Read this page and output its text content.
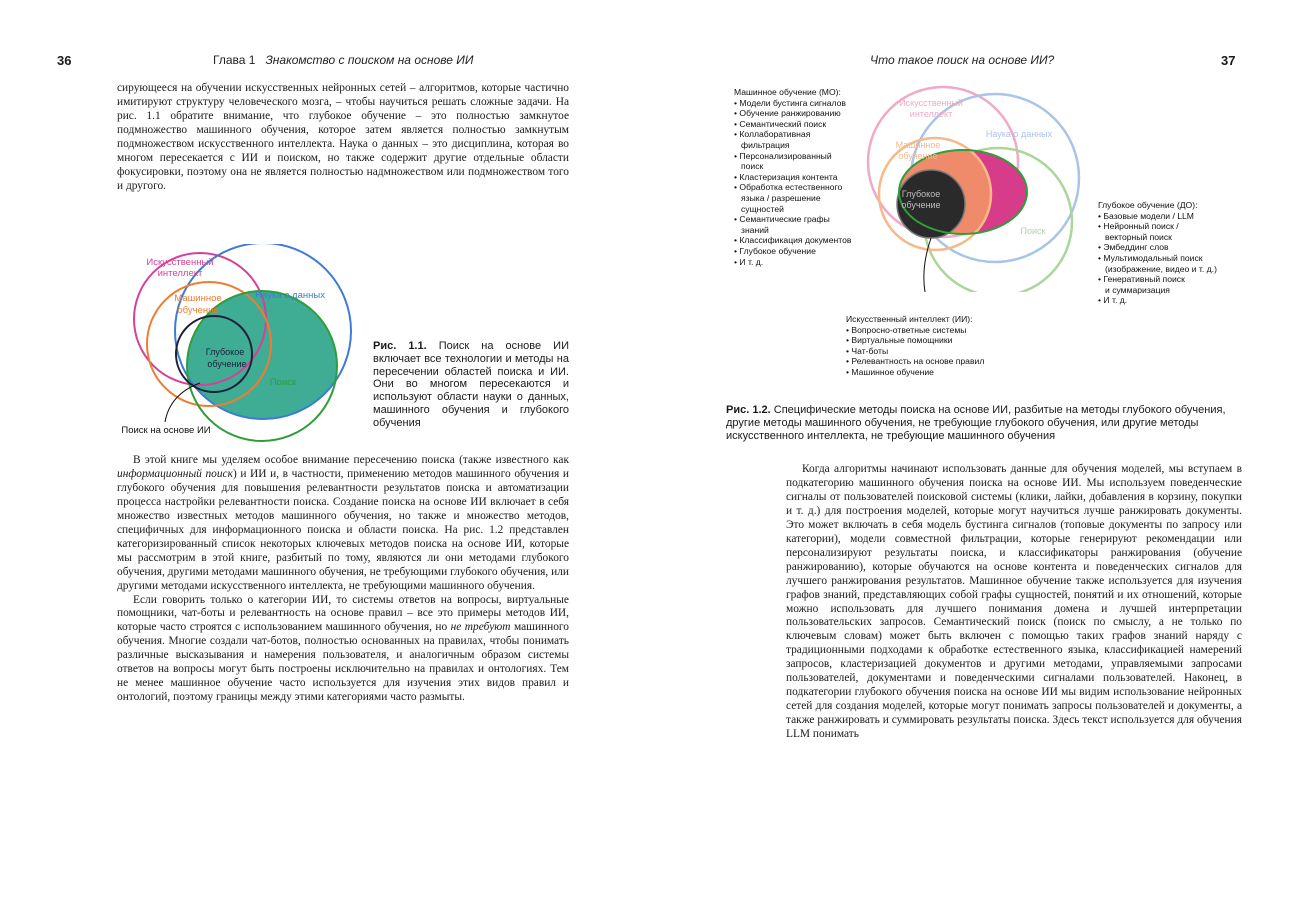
36	Глава 1 Знакомство с поиском на основе ИИ

сирующееся на обучении искусственных нейронных сетей – алгоритмов, которые частично имитируют структуру человеческого мозга, – чтобы научиться решать сложные задачи. На рис. 1.1 обратите внимание, что глубокое обучение – это полностью замкнутое подмножество машинного обучения, которое затем является полностью замкнутым подмножеством искусственного интеллекта. Наука о данных – это дисциплина, которая во многом пересекается с ИИ и поиском, но также содержит другие отдельные области фокусировки, поэтому она не является полностью надмножеством или подмножеством того и другого.

Искусственный
интеллект
Машинное
обучение
Наука о данных
Глубокое
обучение
Поиск
Поиск на основе ИИ
Рис. 1.1. Поиск на основе ИИ включает все технологии и методы на пересечении областей поиска и ИИ. Они во многом пересекаются и используют области науки о данных, машинного обучения и глубокого обучения

В этой книге мы уделяем особое внимание пересечению поиска (также известного как информационный поиск) и ИИ и, в частности, применению методов машинного обучения и глубокого обучения для повышения релевантности результатов поиска и автоматизации процесса настройки релевантности поиска. Создание поиска на основе ИИ включает в себя множество известных методов машинного обучения, но также и множество методов, специфичных для информационного поиска и области поиска. На рис. 1.2 представлен категоризированный список некоторых ключевых методов поиска на основе ИИ, которые мы рассмотрим в этой книге, разбитый по тому, являются ли они методами глубокого обучения, другими методами машинного обучения, не требующими глубокого обучения, или другими методами искусственного интеллекта, не требующими машинного обучения.

Если говорить только о категории ИИ, то системы ответов на вопросы, виртуальные помощники, чат-боты и релевантность на основе правил – все это примеры методов ИИ, которые часто строятся с использованием машинного обучения, но не требуют машинного обучения. Многие создали чат-ботов, полностью основанных на правилах, чтобы понимать различные высказывания и намерения пользователя, и аналогичным образом системы ответов на вопросы могут быть построены исключительно на правилах и онтологиях. Тем не менее машинное обучение часто используется для изучения этих видов правил и онтологий, поэтому границы между этими категориями часто размыты.

Что такое поиск на основе ИИ?	37
Искусственный
интеллект
Наука о данных
Машинное
обучение
Глубокое
обучение
Поиск
Машинное обучение (МО):
• Модели бустинга сигналов
• Обучение ранжированию
• Семантический поиск
• Коллаборативная
фильтрация
• Персонализированный
поиск
• Кластеризация контента
• Обработка естественного
языка / разрешение
сущностей
• Семантические графы
знаний
• Классификация документов
• Глубокое обучение
• И т. д.
Глубокое обучение (ДО):
• Базовые модели / LLM
• Нейронный поиск /
векторный поиск
• Эмбеддинг слов
• Мультимодальный поиск
(изображение, видео и т. д.)
• Генеративный поиск
и суммаризация
• И т. д.
Искусственный интеллект (ИИ):
• Вопросно-ответные системы
• Виртуальные помощники
• Чат-боты
• Релевантность на основе правил
• Машинное обучение
Рис. 1.2. Специфические методы поиска на основе ИИ, разбитые на методы глубокого обучения, другие методы машинного обучения, не требующие глубокого обучения, или другие методы искусственного интеллекта, не требующие машинного обучения

Когда алгоритмы начинают использовать данные для обучения моделей, мы вступаем в подкатегорию машинного обучения поиска на основе ИИ. Мы используем поведенческие сигналы от пользователей поисковой системы (клики, лайки, добавления в корзину, покупки и т. д.) для построения моделей, которые могут научиться лучше ранжировать документы. Это может включать в себя модель бустинга сигналов (топовые документы по запросу или категории), модели совместной фильтрации, которые генерируют рекомендации или персонализируют результаты поиска, и классификаторы ранжирования (обучение ранжированию), которые обучаются на основе контента и поведенческих сигналов для лучшего ранжирования результатов. Машинное обучение также используется для изучения графов знаний, представляющих собой графы сущностей, понятий и их отношений, которые можно использовать для лучшего понимания домена и лучшей интерпретации пользовательских запросов. Семантический поиск (поиск по смыслу, а не только по ключевым словам) может быть включен с помощью таких графов знаний наряду с традиционными подходами к обработке естественного языка, классификацией намерений запросов, кластеризацией документов и другими методами, управляемыми запросами пользователей, документами и поведенческими сигналами пользователей. Наконец, в подкатегории глубокого обучения поиска на основе ИИ мы видим использование нейронных сетей для создания моделей, которые могут понимать запросы пользователей и документы, а также ранжировать и суммировать результаты поиска. Здесь текст используется для обучения LLM понимать
